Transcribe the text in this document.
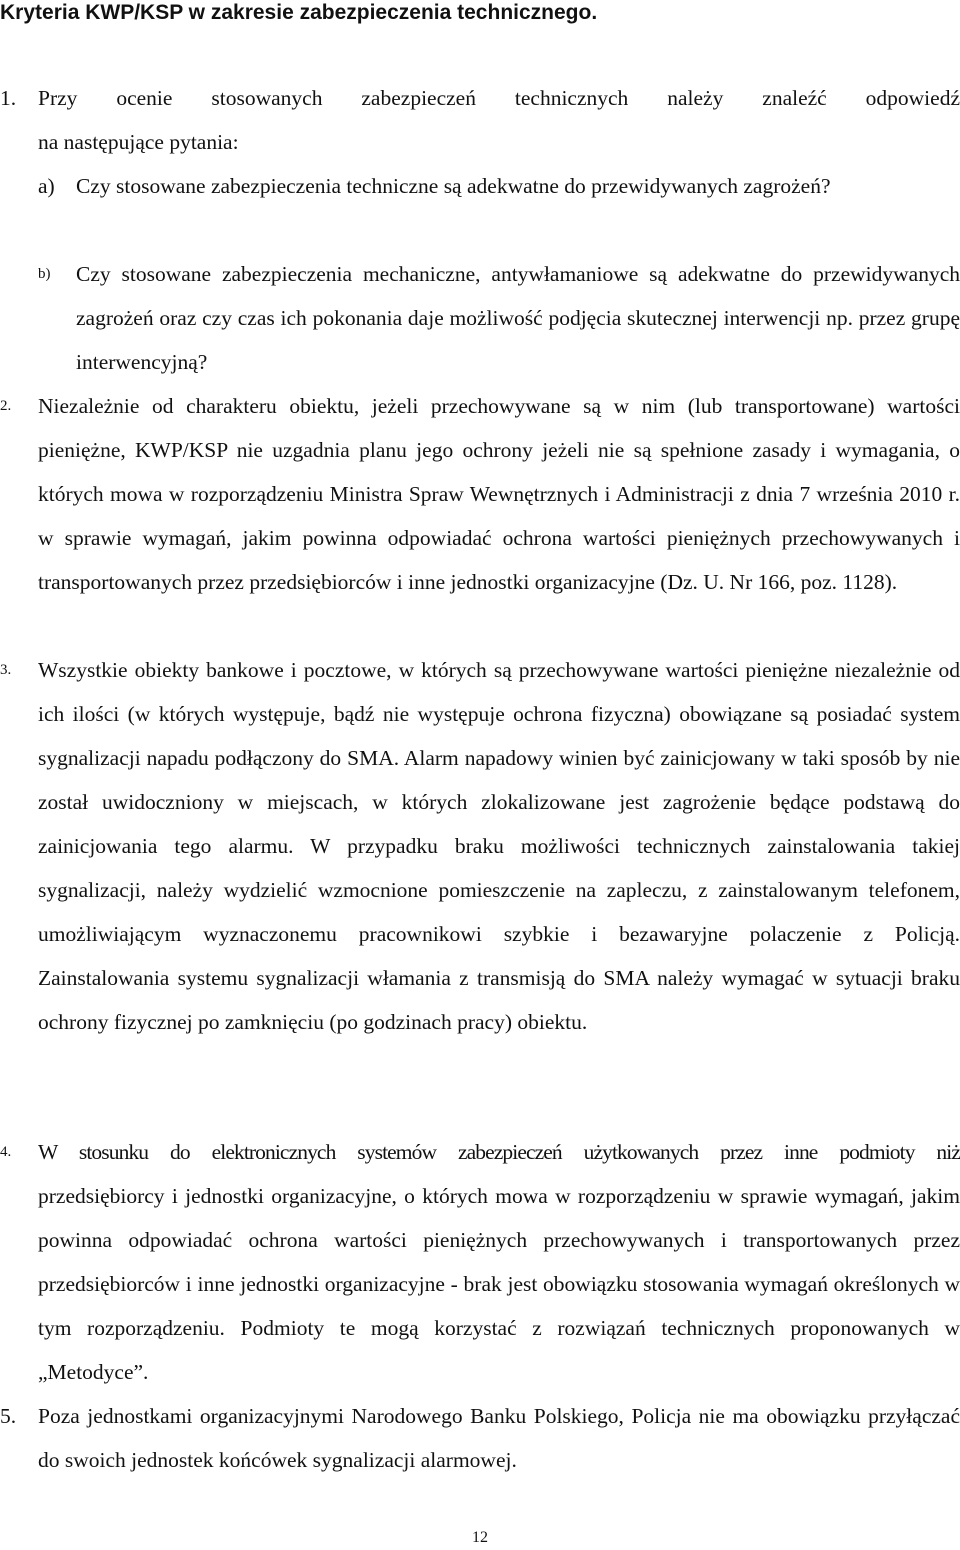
Kryteria KWP/KSP w zakresie zabezpieczenia technicznego.
1.	Przy ocenie stosowanych zabezpieczeń technicznych należy znaleźć odpowiedź
na następujące pytania:
a) Czy stosowane zabezpieczenia techniczne są adekwatne do przewidywanych zagrożeń?
b)	Czy stosowane zabezpieczenia mechaniczne, antywłamaniowe są adekwatne do przewidywanych zagrożeń oraz czy czas ich pokonania daje możliwość podjęcia skutecznej interwencji np. przez grupę interwencyjną?
2.	Niezależnie od charakteru obiektu, jeżeli przechowywane są w nim (lub transportowane) wartości pieniężne, KWP/KSP nie uzgadnia planu jego ochrony jeżeli nie są spełnione zasady i wymagania, o których mowa w rozporządzeniu Ministra Spraw Wewnętrznych i Administracji z dnia 7 września 2010 r. w sprawie wymagań, jakim powinna odpowiadać ochrona wartości pieniężnych przechowywanych i transportowanych przez przedsiębiorców i inne jednostki organizacyjne (Dz. U. Nr 166, poz. 1128).
3.	Wszystkie obiekty bankowe i pocztowe, w których są przechowywane wartości pieniężne niezależnie od ich ilości (w których występuje, bądź nie występuje ochrona fizyczna) obowiązane są posiadać system sygnalizacji napadu podłączony do SMA. Alarm napadowy winien być zainicjowany w taki sposób by nie został uwidoczniony w miejscach, w których zlokalizowane jest zagrożenie będące podstawą do zainicjowania tego alarmu. W przypadku braku możliwości technicznych zainstalowania takiej sygnalizacji, należy wydzielić wzmocnione pomieszczenie na zapleczu, z zainstalowanym telefonem, umożliwiającym wyznaczonemu pracownikowi szybkie i bezawaryjne polaczenie z Policją. Zainstalowania systemu sygnalizacji włamania z transmisją do SMA należy wymagać w sytuacji braku ochrony fizycznej po zamknięciu (po godzinach pracy) obiektu.
4.	W stosunku do elektronicznych systemów zabezpieczeń użytkowanych przez inne podmioty niż
przedsiębiorcy i jednostki organizacyjne, o których mowa w rozporządzeniu w sprawie wymagań, jakim powinna odpowiadać ochrona wartości pieniężnych przechowywanych i transportowanych przez przedsiębiorców i inne jednostki organizacyjne - brak jest obowiązku stosowania wymagań określonych w tym rozporządzeniu. Podmioty te mogą korzystać z rozwiązań technicznych proponowanych w „Metodyce”.
5.	Poza jednostkami organizacyjnymi Narodowego Banku Polskiego, Policja nie ma obowiązku przyłączać do swoich jednostek końcówek sygnalizacji alarmowej.
12
